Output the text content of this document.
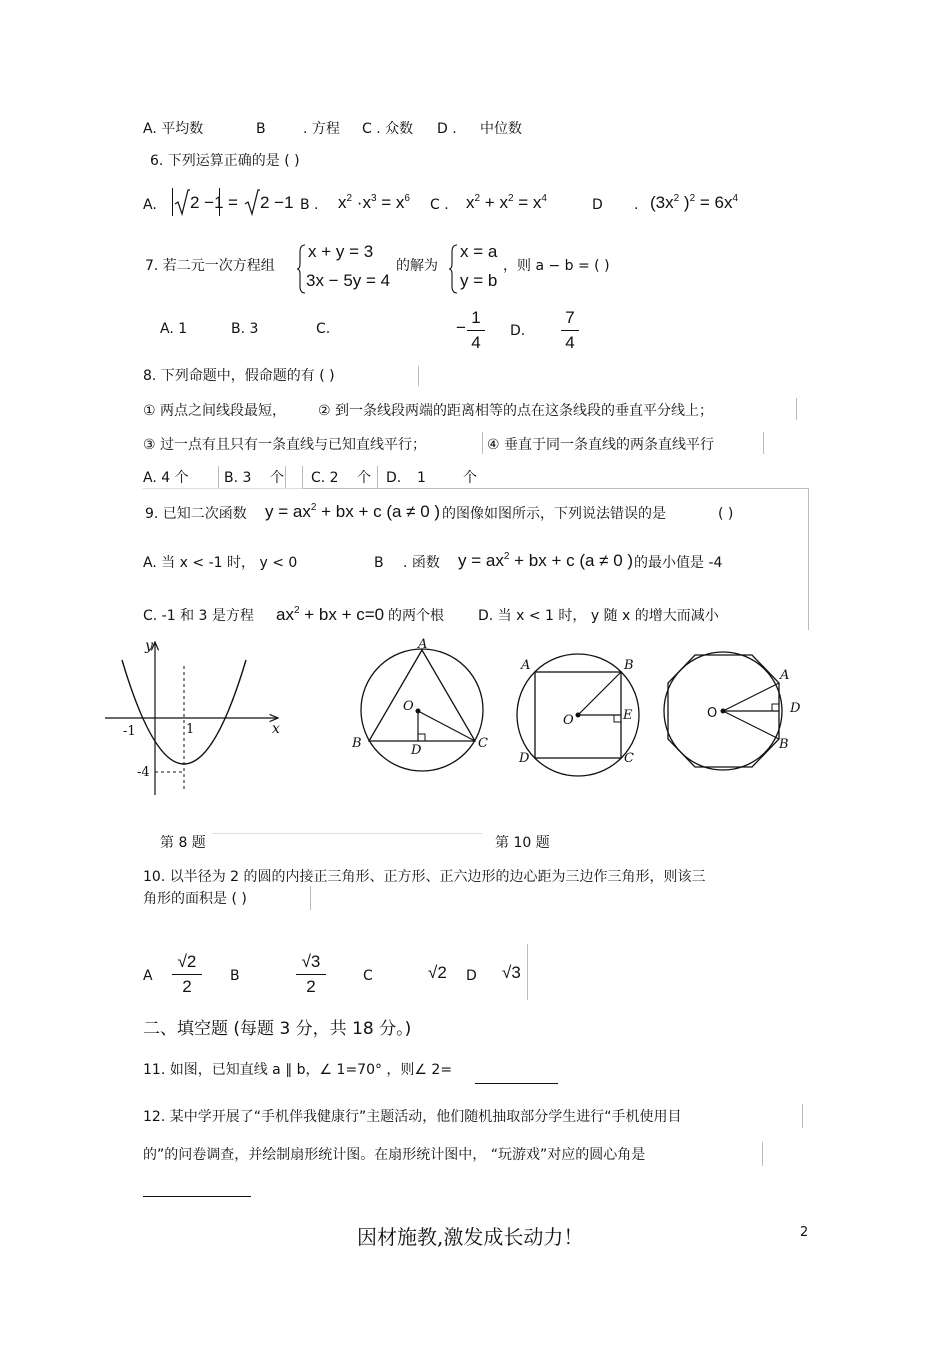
A. 平均数	B	. 方程 C . 众数 D . 中位数
6. 下列运算正确的是 ( )
A. 2 −1 = 2 −1 B . $x^2 \cdot x^3 = x^6$ C . $x^2 + x^2 = x^4$	D . ($3x^2$ )$^2 = 6x^4$
7. 若二元一次方程组
x + y = 3
3x − 5y = 4
的解为
x = a
y = b
，则 a − b = ( )
A. 1	B. 3	C.	−
1
4
D.
7
4
8. 下列命题中，假命题的有 ( )
① 两点之间线段最短， ② 到一条线段两端的距离相等的点在这条线段的垂直平分线上；
③ 过一点有且只有一条直线与已知直线平行；	④ 垂直于同一条直线的两条直线平行
A. 4 个	B. 3 个 C. 2 个 D. 1	个
9. 已知二次函数 $y = ax^2$ + bx + c (a ≠ 0 ) 的图像如图所示，下列说法错误的是	( )
A. 当 x < -1 时， y < 0	B . 函数 $y = ax^2$ + bx + c (a ≠ 0 ) 的最小值是 -4
C. -1 和 3 是方程 $ax^2$ + bx + c=0 的两个根 D. 当 x < 1 时， y 随 x 的增大而减小
y
x
-1	1
-4
A
B	C
D
O
A	B
C
D
E
O
A
B
D
O
第 8 题	第 10 题
10. 以半径为 2 的圆的内接正三角形、正方形、正六边形的边心距为三边作三角形，则该三
角形的面积是 ( )
A
√2
2
B
√3
2
C	√2 D √3
二、填空题 (每题 3 分，共 18 分。)
11. 如图，已知直线 a ∥ b，∠ 1=70° ，则∠ 2=
12. 某中学开展了“手机伴我健康行”主题活动，他们随机抽取部分学生进行“手机使用目
的”的问卷调查，并绘制扇形统计图。在扇形统计图中， “玩游戏”对应的圆心角是
因材施教,激发成长动力！	2
